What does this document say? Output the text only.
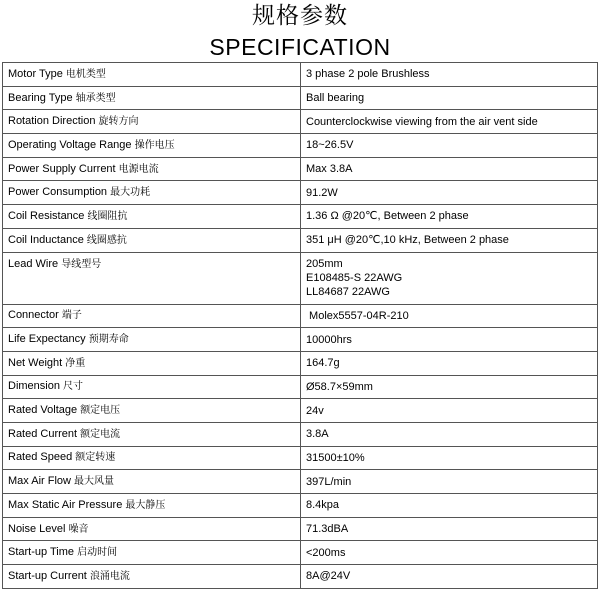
规格参数
SPECIFICATION
Motor Type 电机类型	3 phase 2 pole Brushless
Bearing Type 轴承类型	Ball bearing
Rotation Direction 旋转方向	Counterclockwise viewing from the air vent side
Operating Voltage Range 操作电压	18~26.5V
Power Supply Current 电源电流	Max 3.8A
Power Consumption 最大功耗	91.2W
Coil Resistance 线圈阻抗	1.36 Ω @20℃, Between 2 phase
Coil Inductance 线圈感抗	351 μH @20℃,10 kHz, Between 2 phase
Lead Wire 导线型号	205mm
E108485-S 22AWG
LL84687 22AWG

Connector 端子	Molex5557-04R-210
Life Expectancy 预期寿命	10000hrs
Net Weight 净重	164.7g
Dimension 尺寸	Ø58.7×59mm
Rated Voltage 额定电压	24v
Rated Current 额定电流	3.8A
Rated Speed 额定转速	31500±10%
Max Air Flow 最大风量	397L/min
Max Static Air Pressure 最大静压	8.4kpa
Noise Level 噪音	71.3dBA
Start-up Time 启动时间	<200ms
Start-up Current 浪涌电流	8A@24V
